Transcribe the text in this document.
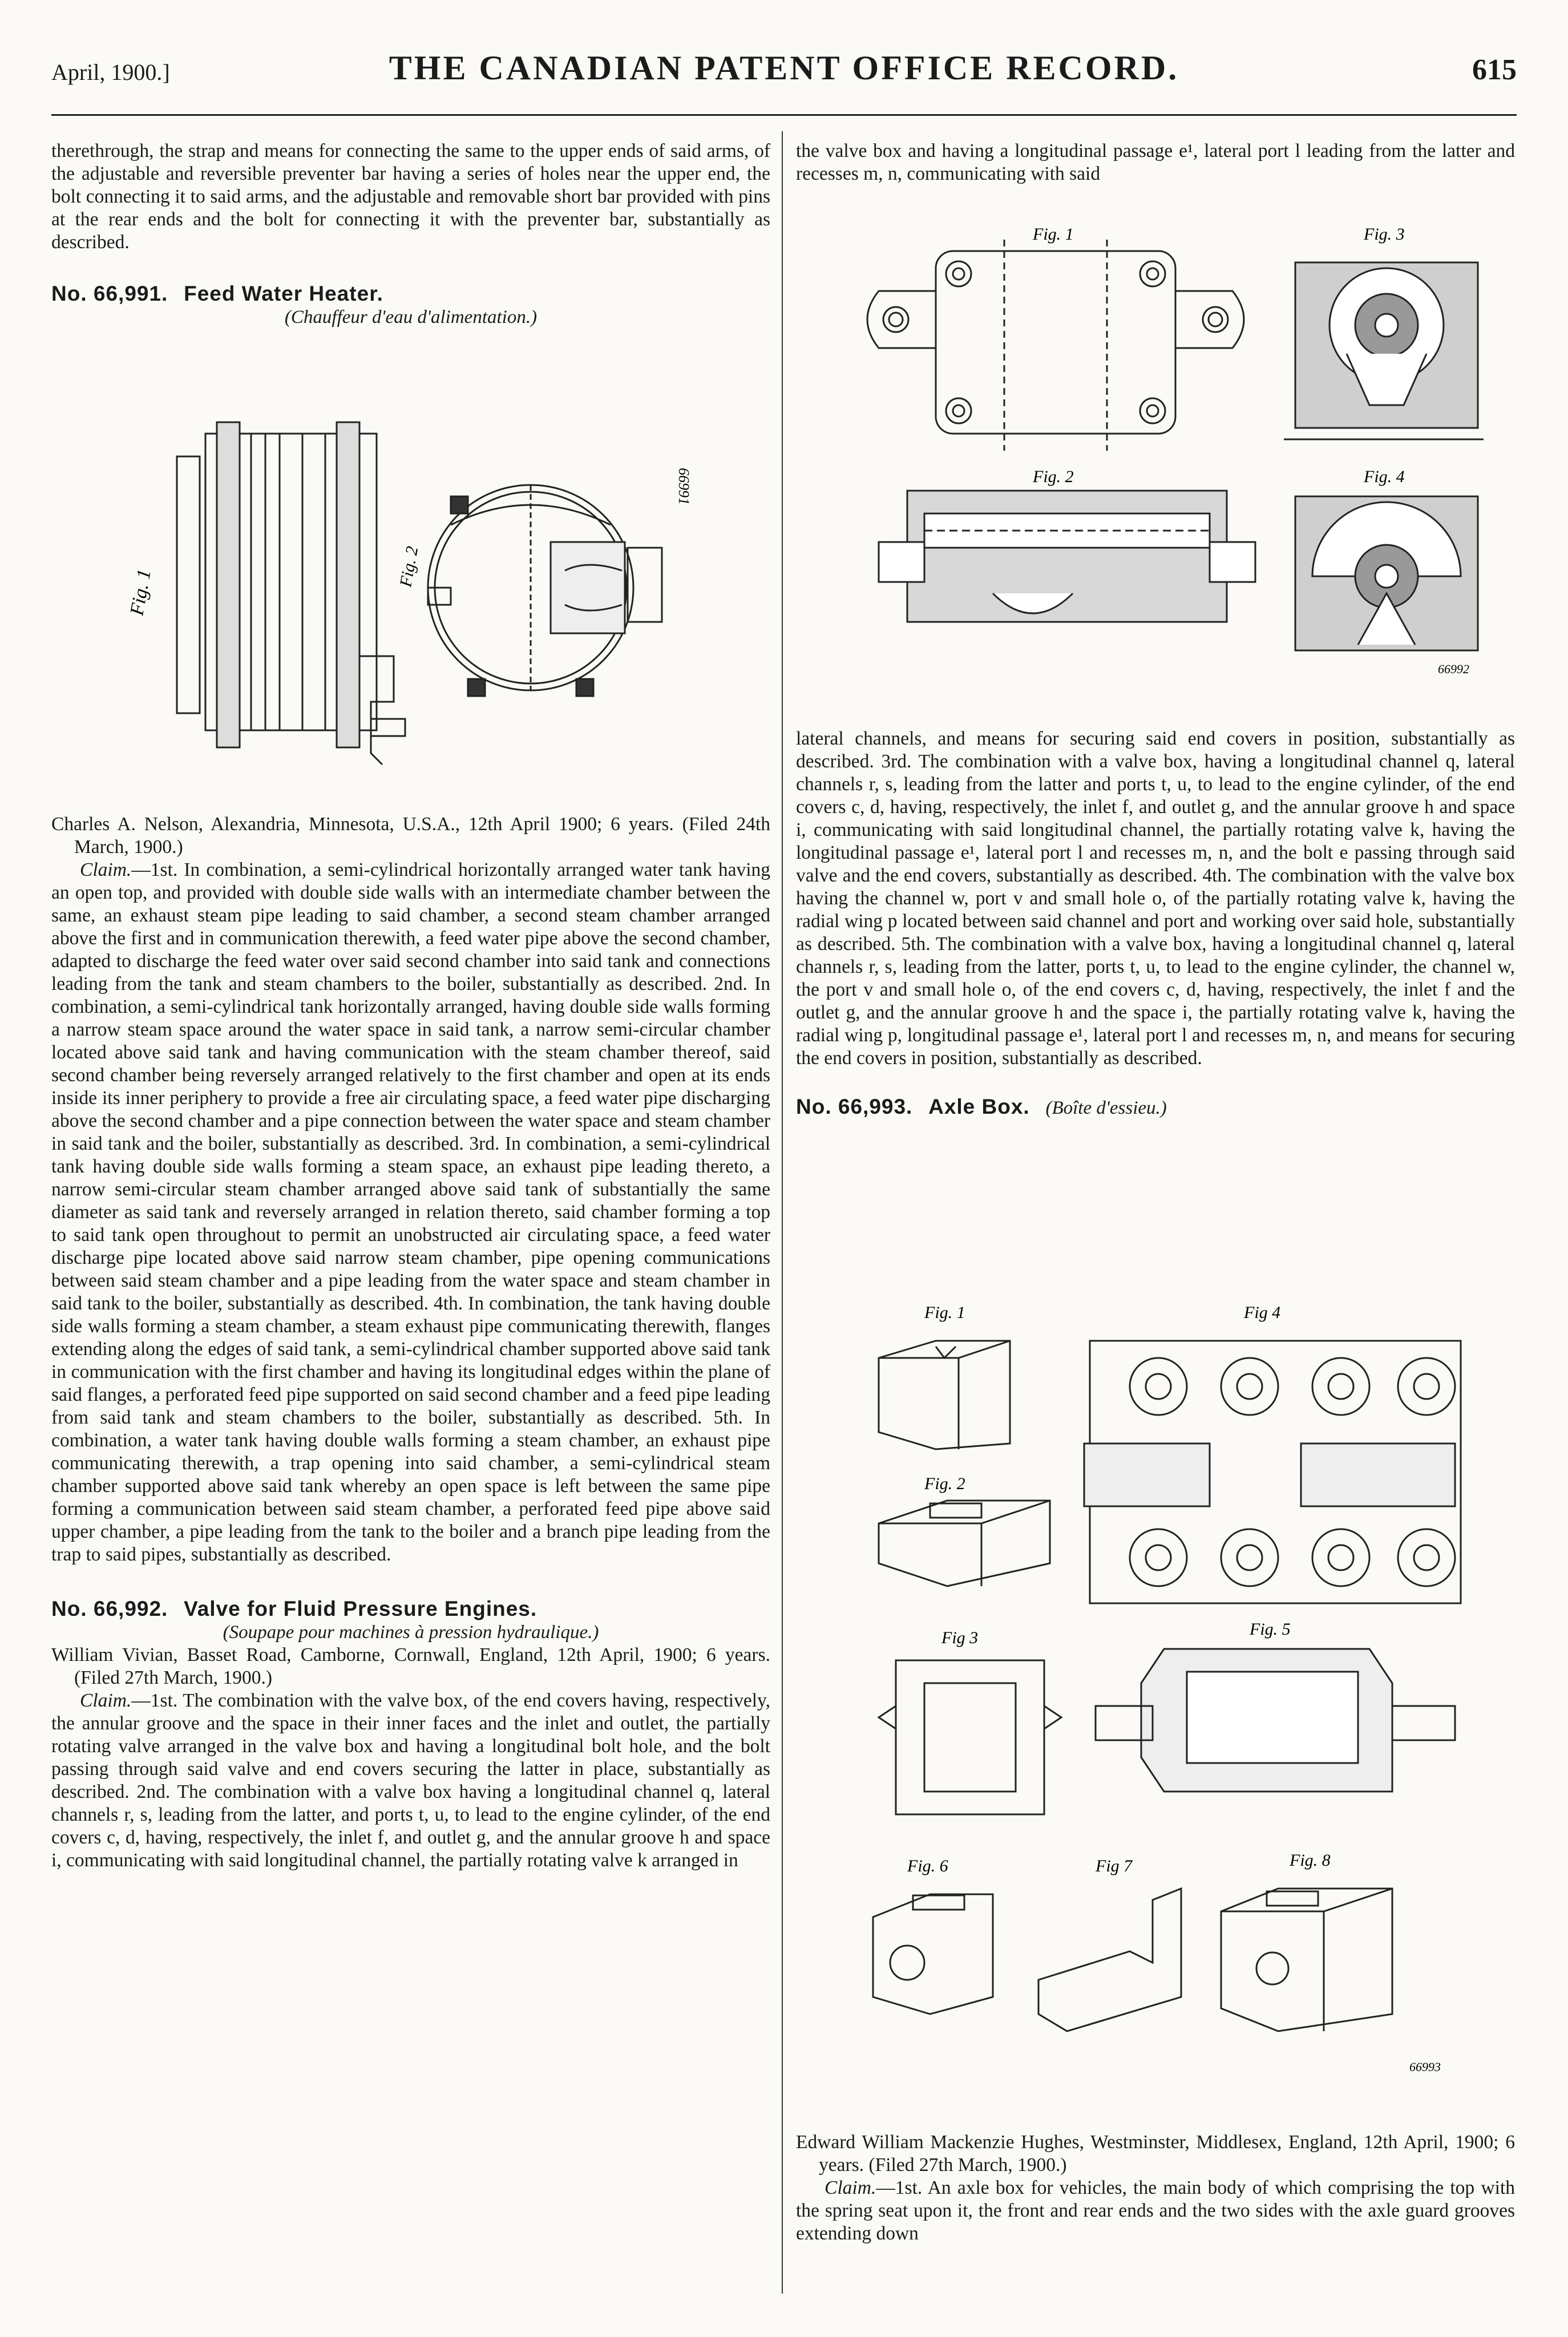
April, 1900.]	THE CANADIAN PATENT OFFICE RECORD.	615

therethrough, the strap and means for connecting the same to the upper ends of said arms, of the adjustable and reversible preventer bar having a series of holes near the upper end, the bolt connecting it to said arms, and the adjustable and removable short bar provided with pins at the rear ends and the bolt for connecting it with the preventer bar, substantially as described.

No. 66,991. Feed Water Heater.

(Chauffeur d'eau d'alimentation.)

Fig. 1
Fig. 2
66991

Charles A. Nelson, Alexandria, Minnesota, U.S.A., 12th April 1900; 6 years. (Filed 24th March, 1900.)

Claim.—1st. In combination, a semi-cylindrical horizontally arranged water tank having an open top, and provided with double side walls with an intermediate chamber between the same, an exhaust steam pipe leading to said chamber, a second steam chamber arranged above the first and in communication therewith, a feed water pipe above the second chamber, adapted to discharge the feed water over said second chamber into said tank and connections leading from the tank and steam chambers to the boiler, substantially as described. 2nd. In combination, a semi-cylindrical tank horizontally arranged, having double side walls forming a narrow steam space around the water space in said tank, a narrow semi-circular chamber located above said tank and having communication with the steam chamber thereof, said second chamber being reversely arranged relatively to the first chamber and open at its ends inside its inner periphery to provide a free air circulating space, a feed water pipe discharging above the second chamber and a pipe connection between the water space and steam chamber in said tank and the boiler, substantially as described. 3rd. In combination, a semi-cylindrical tank having double side walls forming a steam space, an exhaust pipe leading thereto, a narrow semi-circular steam chamber arranged above said tank of substantially the same diameter as said tank and reversely arranged in relation thereto, said chamber forming a top to said tank open throughout to permit an unobstructed air circulating space, a feed water discharge pipe located above said narrow steam chamber, pipe opening communications between said steam chamber and a pipe leading from the water space and steam chamber in said tank to the boiler, substantially as described. 4th. In combination, the tank having double side walls forming a steam chamber, a steam exhaust pipe communicating therewith, flanges extending along the edges of said tank, a semi-cylindrical chamber supported above said tank in communication with the first chamber and having its longitudinal edges within the plane of said flanges, a perforated feed pipe supported on said second chamber and a feed pipe leading from said tank and steam chambers to the boiler, substantially as described. 5th. In combination, a water tank having double walls forming a steam chamber, an exhaust pipe communicating therewith, a trap opening into said chamber, a semi-cylindrical steam chamber supported above said tank whereby an open space is left between the same pipe forming a communication between said steam chamber, a perforated feed pipe above said upper chamber, a pipe leading from the tank to the boiler and a branch pipe leading from the trap to said pipes, substantially as described.

No. 66,992. Valve for Fluid Pressure Engines.

(Soupape pour machines à pression hydraulique.)

William Vivian, Basset Road, Camborne, Cornwall, England, 12th April, 1900; 6 years. (Filed 27th March, 1900.)

Claim.—1st. The combination with the valve box, of the end covers having, respectively, the annular groove and the space in their inner faces and the inlet and outlet, the partially rotating valve arranged in the valve box and having a longitudinal bolt hole, and the bolt passing through said valve and end covers securing the latter in place, substantially as described. 2nd. The combination with a valve box having a longitudinal channel q, lateral channels r, s, leading from the latter, and ports t, u, to lead to the engine cylinder, of the end covers c, d, having, respectively, the inlet f, and outlet g, and the annular groove h and space i, communicating with said longitudinal channel, the partially rotating valve k arranged in

the valve box and having a longitudinal passage e¹, lateral port l leading from the latter and recesses m, n, communicating with said

Fig. 1	Fig. 3
Fig. 2	Fig. 4
66992

lateral channels, and means for securing said end covers in position, substantially as described. 3rd. The combination with a valve box, having a longitudinal channel q, lateral channels r, s, leading from the latter and ports t, u, to lead to the engine cylinder, of the end covers c, d, having, respectively, the inlet f, and outlet g, and the annular groove h and space i, communicating with said longitudinal channel, the partially rotating valve k, having the longitudinal passage e¹, lateral port l and recesses m, n, and the bolt e passing through said valve and the end covers, substantially as described. 4th. The combination with the valve box having the channel w, port v and small hole o, of the partially rotating valve k, having the radial wing p located between said channel and port and working over said hole, substantially as described. 5th. The combination with a valve box, having a longitudinal channel q, lateral channels r, s, leading from the latter, ports t, u, to lead to the engine cylinder, the channel w, the port v and small hole o, of the end covers c, d, having, respectively, the inlet f and the outlet g, and the annular groove h and the space i, the partially rotating valve k, having the radial wing p, longitudinal passage e¹, lateral port l and recesses m, n, and means for securing the end covers in position, substantially as described.

No. 66,993. Axle Box. (Boîte d'essieu.)

Fig. 1	Fig 4
Fig. 2
Fig 3	Fig. 5
Fig. 6	Fig 7	Fig. 8
66993

Edward William Mackenzie Hughes, Westminster, Middlesex, England, 12th April, 1900; 6 years. (Filed 27th March, 1900.)

Claim.—1st. An axle box for vehicles, the main body of which comprising the top with the spring seat upon it, the front and rear ends and the two sides with the axle guard grooves extending down
